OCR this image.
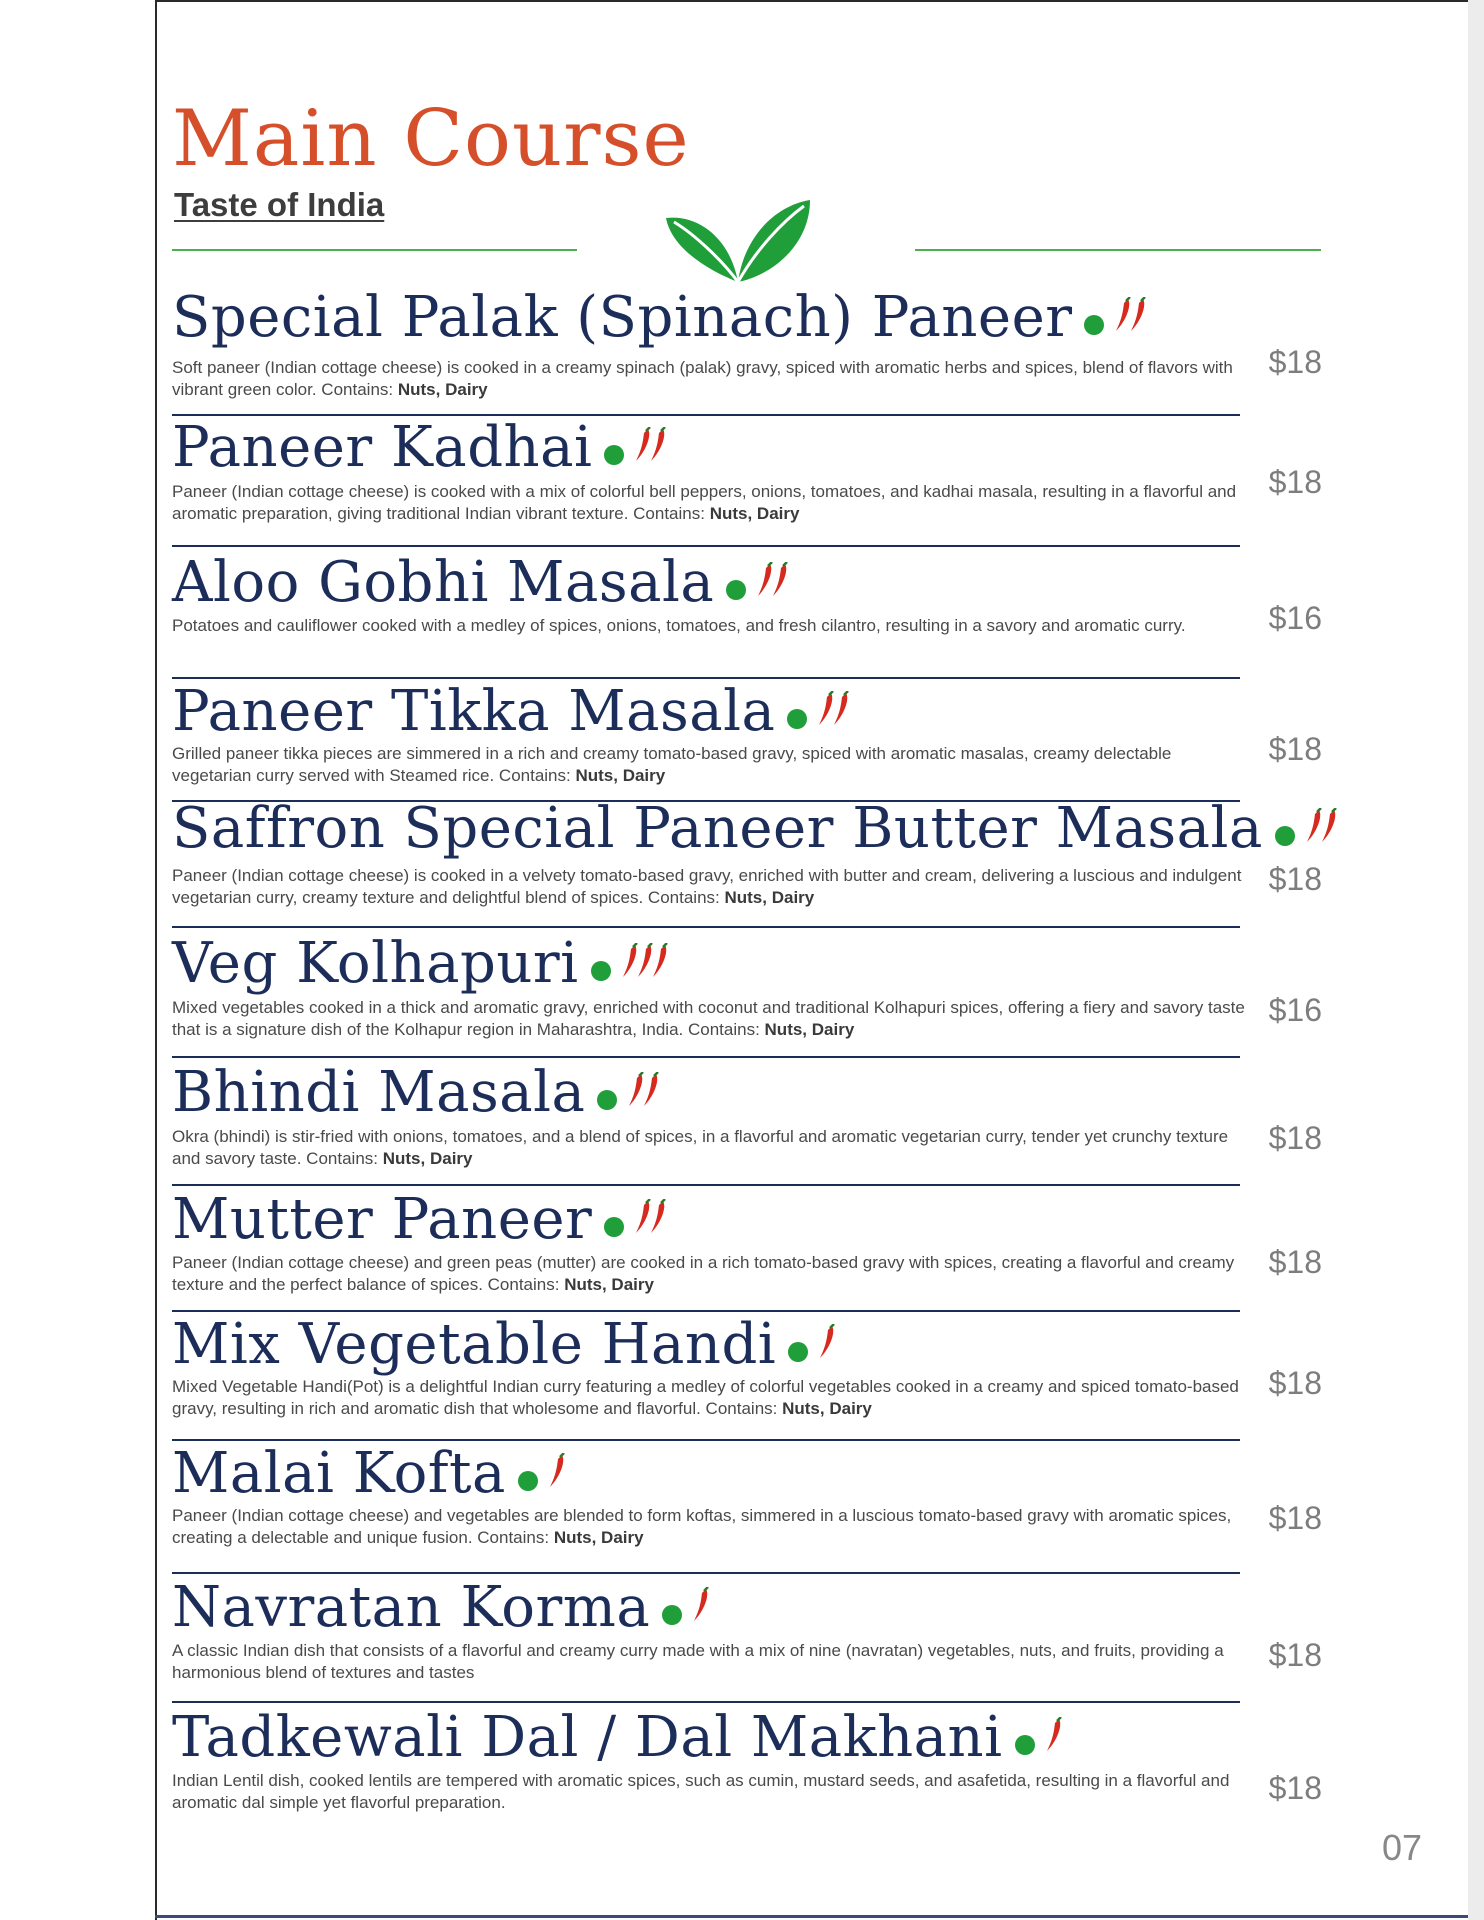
Main Course
Taste of India
Special Palak (Spinach) Paneer

Soft paneer (Indian cottage cheese) is cooked in a creamy spinach (palak) gravy, spiced with aromatic herbs and spices, blend of flavors with vibrant green color. Contains: Nuts, Dairy

$18
Paneer Kadhai

Paneer (Indian cottage cheese) is cooked with a mix of colorful bell peppers, onions, tomatoes, and kadhai masala, resulting in a flavorful and aromatic preparation, giving traditional Indian vibrant texture. Contains: Nuts, Dairy

$18
Aloo Gobhi Masala

Potatoes and cauliflower cooked with a medley of spices, onions, tomatoes, and fresh cilantro, resulting in a savory and aromatic curry.	$16
Paneer Tikka Masala

Grilled paneer tikka pieces are simmered in a rich and creamy tomato-based gravy, spiced with aromatic masalas, creamy delectable vegetarian curry served with Steamed rice. Contains: Nuts, Dairy

$18
Saffron Special Paneer Butter Masala

Paneer (Indian cottage cheese) is cooked in a velvety tomato-based gravy, enriched with butter and cream, delivering a luscious and indulgent vegetarian curry, creamy texture and delightful blend of spices. Contains: Nuts, Dairy

$18
Veg Kolhapuri

Mixed vegetables cooked in a thick and aromatic gravy, enriched with coconut and traditional Kolhapuri spices, offering a fiery and savory taste that is a signature dish of the Kolhapur region in Maharashtra, India. Contains: Nuts, Dairy

$16
Bhindi Masala

Okra (bhindi) is stir-fried with onions, tomatoes, and a blend of spices, in a flavorful and aromatic vegetarian curry, tender yet crunchy texture and savory taste. Contains: Nuts, Dairy

$18
Mutter Paneer

Paneer (Indian cottage cheese) and green peas (mutter) are cooked in a rich tomato-based gravy with spices, creating a flavorful and creamy texture and the perfect balance of spices. Contains: Nuts, Dairy

$18
Mix Vegetable Handi

Mixed Vegetable Handi(Pot) is a delightful Indian curry featuring a medley of colorful vegetables cooked in a creamy and spiced tomato-based gravy, resulting in rich and aromatic dish that wholesome and flavorful. Contains: Nuts, Dairy

$18
Malai Kofta

Paneer (Indian cottage cheese) and vegetables are blended to form koftas, simmered in a luscious tomato-based gravy with aromatic spices, creating a delectable and unique fusion. Contains: Nuts, Dairy

$18
Navratan Korma

A classic Indian dish that consists of a flavorful and creamy curry made with a mix of nine (navratan) vegetables, nuts, and fruits, providing a harmonious blend of textures and tastes	$18
Tadkewali Dal / Dal Makhani

Indian Lentil dish, cooked lentils are tempered with aromatic spices, such as cumin, mustard seeds, and asafetida, resulting in a flavorful and aromatic dal simple yet flavorful preparation.	$18

07
